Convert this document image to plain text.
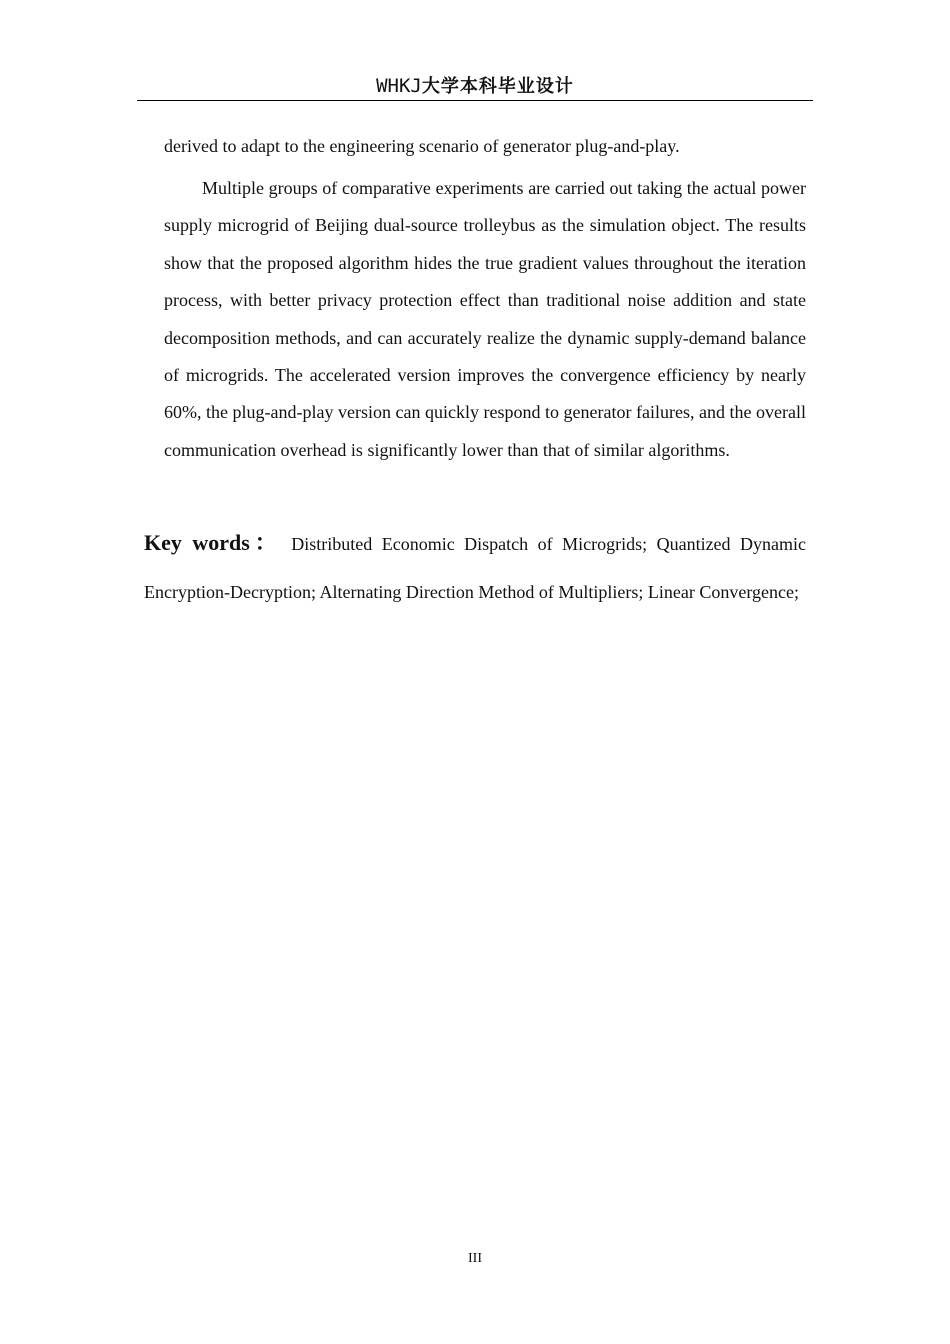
WHKJ大学本科毕业设计

derived to adapt to the engineering scenario of generator plug-and-play.

Multiple groups of comparative experiments are carried out taking the actual power supply microgrid of Beijing dual-source trolleybus as the simulation object. The results show that the proposed algorithm hides the true gradient values throughout the iteration process, with better privacy protection effect than traditional noise addition and state decomposition methods, and can accurately realize the dynamic supply-demand balance of microgrids. The accelerated version improves the convergence efficiency by nearly 60%, the plug-and-play version can quickly respond to generator failures, and the overall communication overhead is significantly lower than that of similar algorithms.

Key words： Distributed Economic Dispatch of Microgrids; Quantized Dynamic
Encryption-Decryption; Alternating Direction Method of Multipliers; Linear Convergence;
III
